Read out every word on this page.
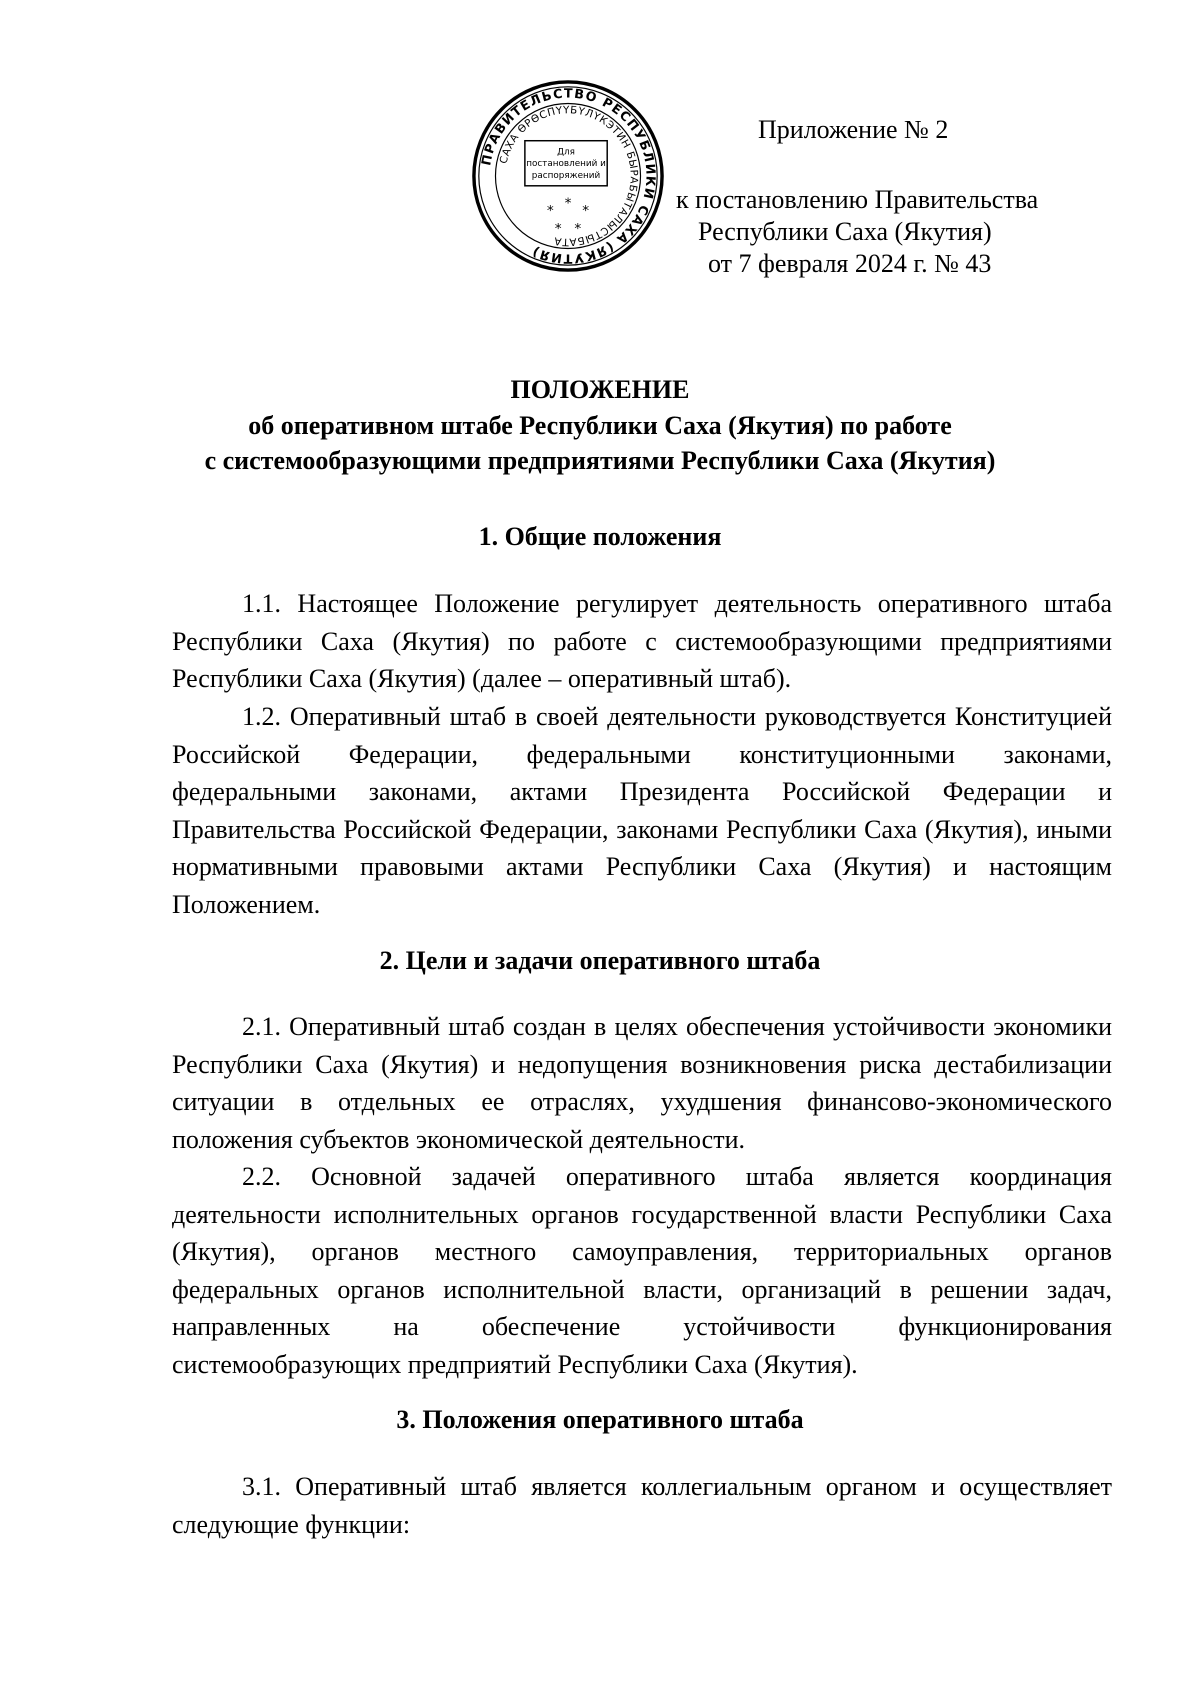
ПРАВИТЕЛЬСТВО РЕСПУБЛИКИ САХА (ЯКУТИЯ)
САХА ӨРӨСПҮҮБҮЛҮКЭТИН БЫРАБЫТАЛЫСТЫБАТА
Для
постановлений и
распоряжений
* * *
* *
Приложение № 2
к постановлению Правительства
Республики Саха (Якутия)
от 7 февраля 2024 г. № 43
ПОЛОЖЕНИЕ
об оперативном штабе Республики Саха (Якутия) по работе
с системообразующими предприятиями Республики Саха (Якутия)
1. Общие положения
1.1. Настоящее Положение регулирует деятельность оперативного штаба Республики Саха (Якутия) по работе с системообразующими предприятиями Республики Саха (Якутия) (далее – оперативный штаб).
1.2. Оперативный штаб в своей деятельности руководствуется Конституцией Российской Федерации, федеральными конституционными законами, федеральными законами, актами Президента Российской Федерации и Правительства Российской Федерации, законами Республики Саха (Якутия), иными нормативными правовыми актами Республики Саха (Якутия) и настоящим Положением.
2. Цели и задачи оперативного штаба
2.1. Оперативный штаб создан в целях обеспечения устойчивости экономики Республики Саха (Якутия) и недопущения возникновения риска дестабилизации ситуации в отдельных ее отраслях, ухудшения финансово-экономического положения субъектов экономической деятельности.
2.2. Основной задачей оперативного штаба является координация деятельности исполнительных органов государственной власти Республики Саха (Якутия), органов местного самоуправления, территориальных органов федеральных органов исполнительной власти, организаций в решении задач, направленных на обеспечение устойчивости функционирования системообразующих предприятий Республики Саха (Якутия).
3. Положения оперативного штаба
3.1. Оперативный штаб является коллегиальным органом и осуществляет следующие функции:
